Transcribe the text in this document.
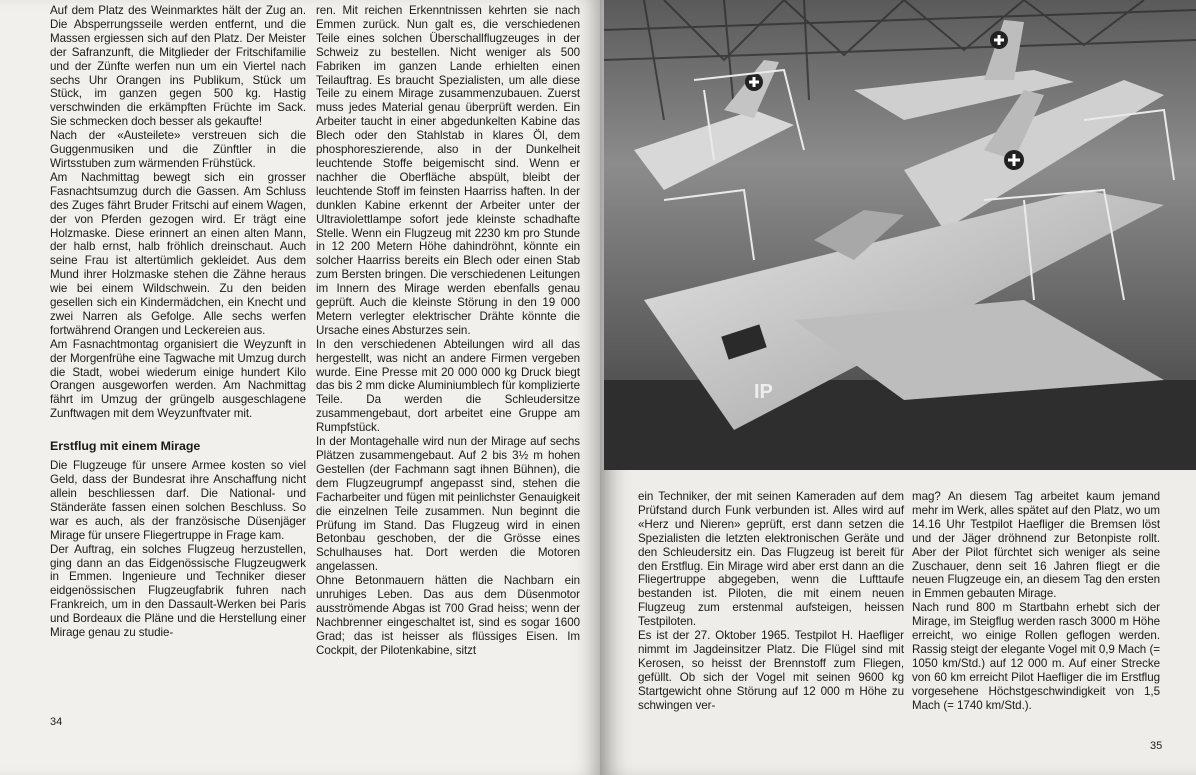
Auf dem Platz des Weinmarktes hält der Zug an. Die Absperrungsseile werden entfernt, und die Massen ergiessen sich auf den Platz. Der Meister der Safranzunft, die Mitglieder der Fritschifamilie und der Zünfte werfen nun um ein Viertel nach sechs Uhr Orangen ins Publikum, Stück um Stück, im ganzen gegen 500 kg. Hastig verschwinden die erkämpften Früchte im Sack. Sie schmecken doch besser als gekaufte!

Nach der «Austeilete» verstreuen sich die Guggenmusiken und die Zünftler in die Wirtsstuben zum wärmenden Frühstück.

Am Nachmittag bewegt sich ein grosser Fasnachtsumzug durch die Gassen. Am Schluss des Zuges fährt Bruder Fritschi auf einem Wagen, der von Pferden gezogen wird. Er trägt eine Holzmaske. Diese erinnert an einen alten Mann, der halb ernst, halb fröhlich dreinschaut. Auch seine Frau ist altertümlich gekleidet. Aus dem Mund ihrer Holzmaske stehen die Zähne heraus wie bei einem Wildschwein. Zu den beiden gesellen sich ein Kindermädchen, ein Knecht und zwei Narren als Gefolge. Alle sechs werfen fortwährend Orangen und Leckereien aus.

Am Fasnachtmontag organisiert die Weyzunft in der Morgenfrühe eine Tagwache mit Umzug durch die Stadt, wobei wiederum einige hundert Kilo Orangen ausgeworfen werden. Am Nachmittag fährt im Umzug der grüngelb ausgeschlagene Zunftwagen mit dem Weyzunftvater mit.

Erstflug mit einem Mirage

Die Flugzeuge für unsere Armee kosten so viel Geld, dass der Bundesrat ihre Anschaffung nicht allein beschliessen darf. Die National- und Ständeräte fassen einen solchen Beschluss. So war es auch, als der französische Düsenjäger Mirage für unsere Fliegertruppe in Frage kam.

Der Auftrag, ein solches Flugzeug herzustellen, ging dann an das Eidgenössische Flugzeugwerk in Emmen. Ingenieure und Techniker dieser eidgenössischen Flugzeugfabrik fuhren nach Frankreich, um in den Dassault-Werken bei Paris und Bordeaux die Pläne und die Herstellung einer Mirage genau zu studie-

ren. Mit reichen Erkenntnissen kehrten sie nach Emmen zurück. Nun galt es, die verschiedenen Teile eines solchen Überschallflugzeuges in der Schweiz zu bestellen. Nicht weniger als 500 Fabriken im ganzen Lande erhielten einen Teilauftrag. Es braucht Spezialisten, um alle diese Teile zu einem Mirage zusammenzubauen. Zuerst muss jedes Material genau überprüft werden. Ein Arbeiter taucht in einer abgedunkelten Kabine das Blech oder den Stahlstab in klares Öl, dem phosphoreszierende, also in der Dunkelheit leuchtende Stoffe beigemischt sind. Wenn er nachher die Oberfläche abspült, bleibt der leuchtende Stoff im feinsten Haarriss haften. In der dunklen Kabine erkennt der Arbeiter unter der Ultraviolettlampe sofort jede kleinste schadhafte Stelle. Wenn ein Flugzeug mit 2230 km pro Stunde in 12 200 Metern Höhe dahindröhnt, könnte ein solcher Haarriss bereits ein Blech oder einen Stab zum Bersten bringen. Die verschiedenen Leitungen im Innern des Mirage werden ebenfalls genau geprüft. Auch die kleinste Störung in den 19 000 Metern verlegter elektrischer Drähte könnte die Ursache eines Absturzes sein.

In den verschiedenen Abteilungen wird all das hergestellt, was nicht an andere Firmen vergeben wurde. Eine Presse mit 20 000 000 kg Druck biegt das bis 2 mm dicke Aluminiumblech für komplizierte Teile. Da werden die Schleudersitze zusammengebaut, dort arbeitet eine Gruppe am Rumpfstück.

In der Montagehalle wird nun der Mirage auf sechs Plätzen zusammengebaut. Auf 2 bis 3½ m hohen Gestellen (der Fachmann sagt ihnen Bühnen), die dem Flugzeugrumpf angepasst sind, stehen die Facharbeiter und fügen mit peinlichster Genauigkeit die einzelnen Teile zusammen. Nun beginnt die Prüfung im Stand. Das Flugzeug wird in einen Betonbau geschoben, der die Grösse eines Schulhauses hat. Dort werden die Motoren angelassen.

Ohne Betonmauern hätten die Nachbarn ein unruhiges Leben. Das aus dem Düsenmotor ausströmende Abgas ist 700 Grad heiss; wenn der Nachbrenner eingeschaltet ist, sind es sogar 1600 Grad; das ist heisser als flüssiges Eisen. Im Cockpit, der Pilotenkabine, sitzt

34
IP

ein Techniker, der mit seinen Kameraden auf dem Prüfstand durch Funk verbunden ist. Alles wird auf «Herz und Nieren» geprüft, erst dann setzen die Spezialisten die letzten elektronischen Geräte und den Schleudersitz ein. Das Flugzeug ist bereit für den Erstflug. Ein Mirage wird aber erst dann an die Fliegertruppe abgegeben, wenn die Lufttaufe bestanden ist. Piloten, die mit einem neuen Flugzeug zum erstenmal aufsteigen, heissen Testpiloten.

Es ist der 27. Oktober 1965. Testpilot H. Haefliger nimmt im Jagdeinsitzer Platz. Die Flügel sind mit Kerosen, so heisst der Brennstoff zum Fliegen, gefüllt. Ob sich der Vogel mit seinen 9600 kg Startgewicht ohne Störung auf 12 000 m Höhe zu schwingen ver-

mag? An diesem Tag arbeitet kaum jemand mehr im Werk, alles spätet auf den Platz, wo um 14.16 Uhr Testpilot Haefliger die Bremsen löst und der Jäger dröhnend zur Betonpiste rollt. Aber der Pilot fürchtet sich weniger als seine Zuschauer, denn seit 16 Jahren fliegt er die neuen Flugzeuge ein, an diesem Tag den ersten in Emmen gebauten Mirage.

Nach rund 800 m Startbahn erhebt sich der Mirage, im Steigflug werden rasch 3000 m Höhe erreicht, wo einige Rollen geflogen werden. Rassig steigt der elegante Vogel mit 0,9 Mach (= 1050 km/Std.) auf 12 000 m. Auf einer Strecke von 60 km erreicht Pilot Haefliger die im Erstflug vorgesehene Höchstgeschwindigkeit von 1,5 Mach (= 1740 km/Std.).

35
